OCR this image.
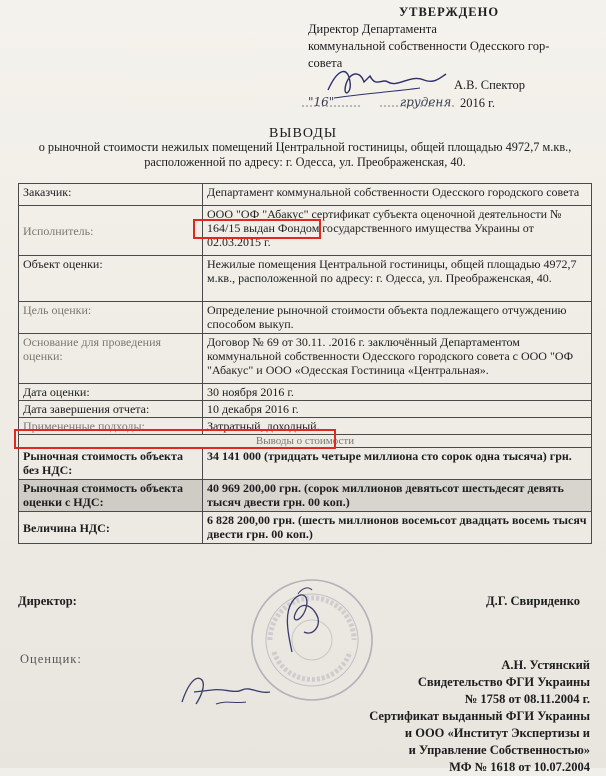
УТВЕРЖДЕНО
Директор Департамента
коммунальной собственности Одесского гор-
совета
А.В. Спектор
"16"	груденя 2016 г.
ВЫВОДЫ
о рыночной стоимости нежилых помещений Центральной гостиницы, общей площадью 4972,7 м.кв., расположенной по адресу: г. Одесса, ул. Преображенская, 40.
Заказчик:	Департамент коммунальной собственности Одесского городского совета
Исполнитель:	ООО "ОФ "Абакус" сертификат субъекта оценочной деятельности № 164/15 выдан Фондом государственного имущества Украины от 02.03.2015 г.
Объект оценки:	Нежилые помещения Центральной гостиницы, общей площадью 4972,7 м.кв., расположенной по адресу: г. Одесса, ул. Преображенская, 40.
Цель оценки:	Определение рыночной стоимости объекта подлежащего отчуждению способом выкуп.
Основание для проведения оценки:	Договор № 69 от 30.11. .2016 г. заключённый Департаментом коммунальной собственности Одесского городского совета с ООО "ОФ "Абакус" и ООО «Одесская Гостиница «Центральная».
Дата оценки:	30 ноября 2016 г.
Дата завершения отчета:	10 декабря 2016 г.
Примененные подходы:	Затратный, доходный.
Выводы о стоимости	
Рыночная стоимость объекта без НДС:	34 141 000 (тридцать четыре миллиона сто сорок одна тысяча) грн.
Рыночная стоимость объекта оценки с НДС:	40 969 200,00 грн. (сорок миллионов девятьсот шестьдесят девять тысяч двести грн. 00 коп.)
Величина НДС:	6 828 200,00 грн. (шесть миллионов восемьсот двадцать восемь тысяч двести грн. 00 коп.)
Директор:	Д.Г. Свириденко
Оценщик:	А.Н. Устянский
Свидетельство ФГИ Украины
№ 1758 от 08.11.2004 г.
Сертификат выданный ФГИ Украины
и ООО «Институт Экспертизы и
и Управление Собственностью»
МФ № 1618 от 10.07.2004
